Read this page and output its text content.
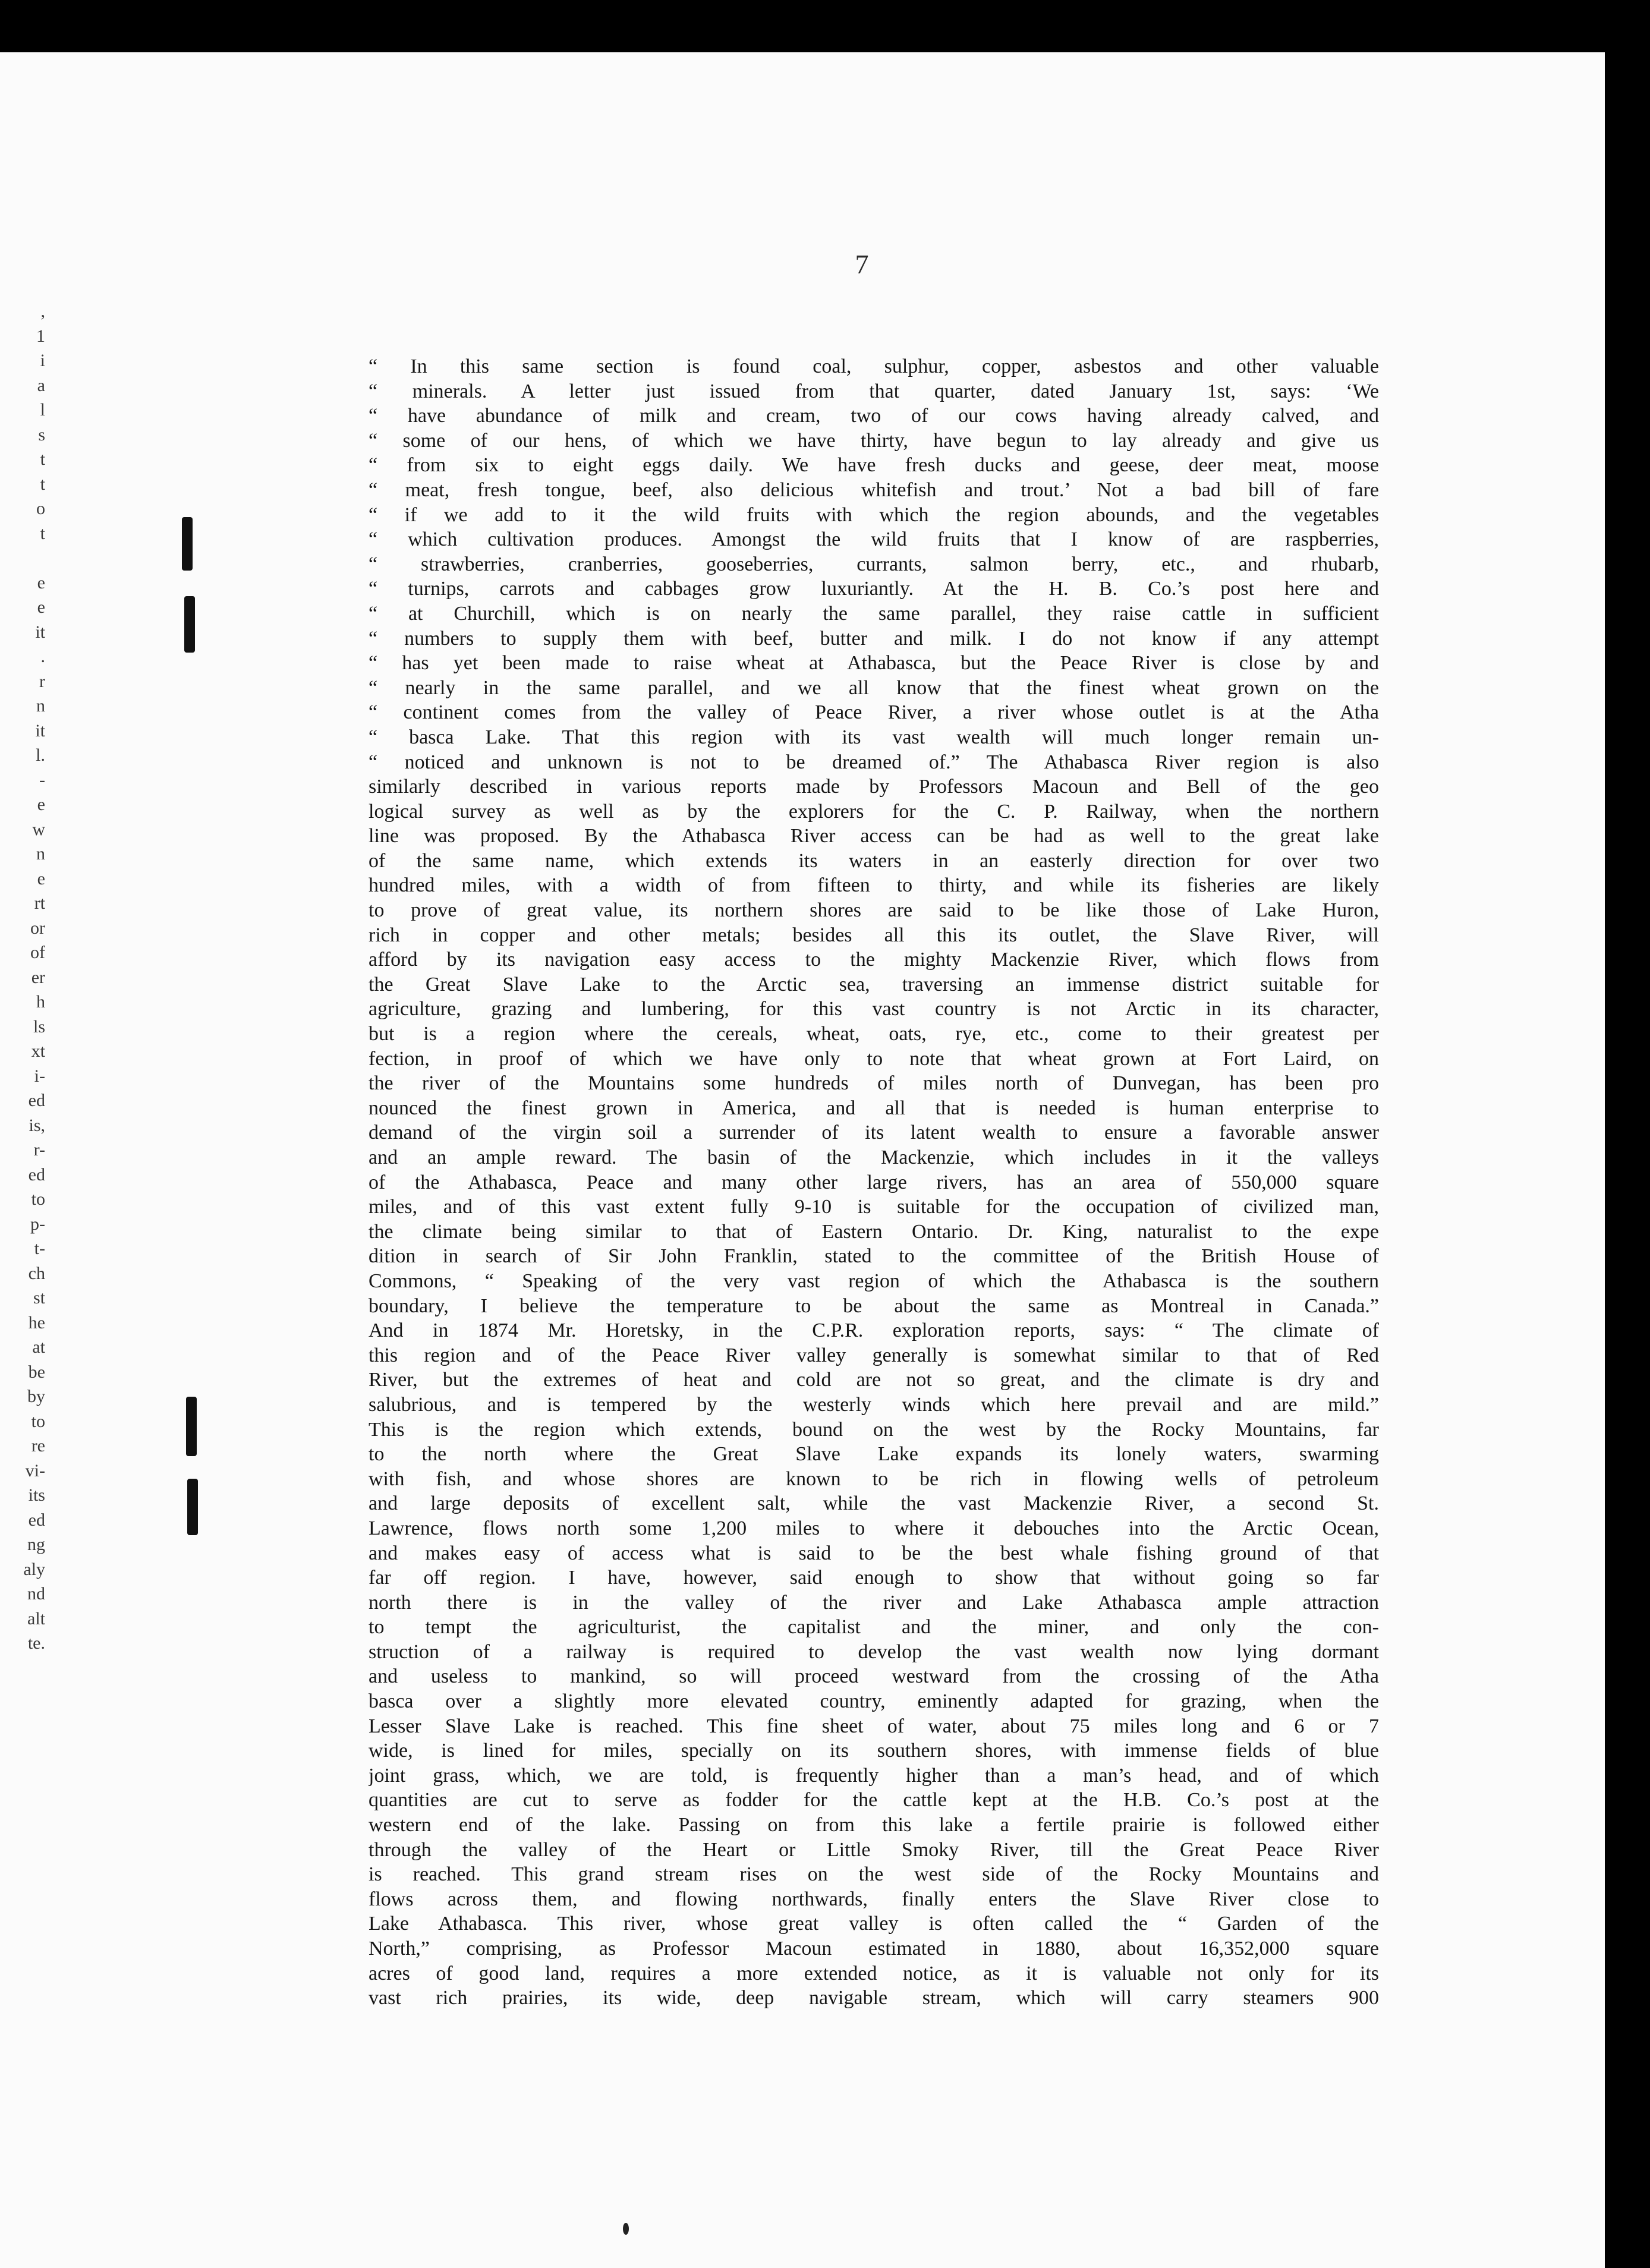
,
1
i
a
l
s
t
t
o
t
e
e
it
.
r
n
it
l.
-
e
w
n
e
rt
or
of
er
h
ls
xt
i-
ed
is,
r-
ed
to
p-
t-
ch
st
he
at
be
by
to
re
vi-
its
ed
ng
aly
nd
alt
te.
7
“ In this same section is found coal, sulphur, copper, asbestos and other valuable
“ minerals. A letter just issued from that quarter, dated January 1st, says: ‘We
“ have abundance of milk and cream, two of our cows having already calved, and
“ some of our hens, of which we have thirty, have begun to lay already and give us
“ from six to eight eggs daily. We have fresh ducks and geese, deer meat, moose
“ meat, fresh tongue, beef, also delicious whitefish and trout.’ Not a bad bill of fare
“ if we add to it the wild fruits with which the region abounds, and the vegetables
“ which cultivation produces. Amongst the wild fruits that I know of are raspberries,
“ strawberries, cranberries, gooseberries, currants, salmon berry, etc., and rhubarb,
“ turnips, carrots and cabbages grow luxuriantly. At the H. B. Co.’s post here and
“ at Churchill, which is on nearly the same parallel, they raise cattle in sufficient
“ numbers to supply them with beef, butter and milk. I do not know if any attempt
“ has yet been made to raise wheat at Athabasca, but the Peace River is close by and
“ nearly in the same parallel, and we all know that the finest wheat grown on the
“ continent comes from the valley of Peace River, a river whose outlet is at the Atha
“ basca Lake. That this region with its vast wealth will much longer remain un-
“ noticed and unknown is not to be dreamed of.” The Athabasca River region is also
similarly described in various reports made by Professors Macoun and Bell of the geo
logical survey as well as by the explorers for the C. P. Railway, when the northern
line was proposed. By the Athabasca River access can be had as well to the great lake
of the same name, which extends its waters in an easterly direction for over two
hundred miles, with a width of from fifteen to thirty, and while its fisheries are likely
to prove of great value, its northern shores are said to be like those of Lake Huron,
rich in copper and other metals; besides all this its outlet, the Slave River, will
afford by its navigation easy access to the mighty Mackenzie River, which flows from
the Great Slave Lake to the Arctic sea, traversing an immense district suitable for
agriculture, grazing and lumbering, for this vast country is not Arctic in its character,
but is a region where the cereals, wheat, oats, rye, etc., come to their greatest per
fection, in proof of which we have only to note that wheat grown at Fort Laird, on
the river of the Mountains some hundreds of miles north of Dunvegan, has been pro
nounced the finest grown in America, and all that is needed is human enterprise to
demand of the virgin soil a surrender of its latent wealth to ensure a favorable answer
and an ample reward. The basin of the Mackenzie, which includes in it the valleys
of the Athabasca, Peace and many other large rivers, has an area of 550,000 square
miles, and of this vast extent fully 9-10 is suitable for the occupation of civilized man,
the climate being similar to that of Eastern Ontario. Dr. King, naturalist to the expe
dition in search of Sir John Franklin, stated to the committee of the British House of
Commons, “ Speaking of the very vast region of which the Athabasca is the southern
boundary, I believe the temperature to be about the same as Montreal in Canada.”
And in 1874 Mr. Horetsky, in the C.P.R. exploration reports, says: “ The climate of
this region and of the Peace River valley generally is somewhat similar to that of Red
River, but the extremes of heat and cold are not so great, and the climate is dry and
salubrious, and is tempered by the westerly winds which here prevail and are mild.”
This is the region which extends, bound on the west by the Rocky Mountains, far
to the north where the Great Slave Lake expands its lonely waters, swarming
with fish, and whose shores are known to be rich in flowing wells of petroleum
and large deposits of excellent salt, while the vast Mackenzie River, a second St.
Lawrence, flows north some 1,200 miles to where it debouches into the Arctic Ocean,
and makes easy of access what is said to be the best whale fishing ground of that
far off region. I have, however, said enough to show that without going so far
north there is in the valley of the river and Lake Athabasca ample attraction
to tempt the agriculturist, the capitalist and the miner, and only the con-
struction of a railway is required to develop the vast wealth now lying dormant
and useless to mankind, so will proceed westward from the crossing of the Atha
basca over a slightly more elevated country, eminently adapted for grazing, when the
Lesser Slave Lake is reached. This fine sheet of water, about 75 miles long and 6 or 7
wide, is lined for miles, specially on its southern shores, with immense fields of blue
joint grass, which, we are told, is frequently higher than a man’s head, and of which
quantities are cut to serve as fodder for the cattle kept at the H.B. Co.’s post at the
western end of the lake. Passing on from this lake a fertile prairie is followed either
through the valley of the Heart or Little Smoky River, till the Great Peace River
is reached. This grand stream rises on the west side of the Rocky Mountains and
flows across them, and flowing northwards, finally enters the Slave River close to
Lake Athabasca. This river, whose great valley is often called the “ Garden of the
North,” comprising, as Professor Macoun estimated in 1880, about 16,352,000 square
acres of good land, requires a more extended notice, as it is valuable not only for its
vast rich prairies, its wide, deep navigable stream, which will carry steamers 900
